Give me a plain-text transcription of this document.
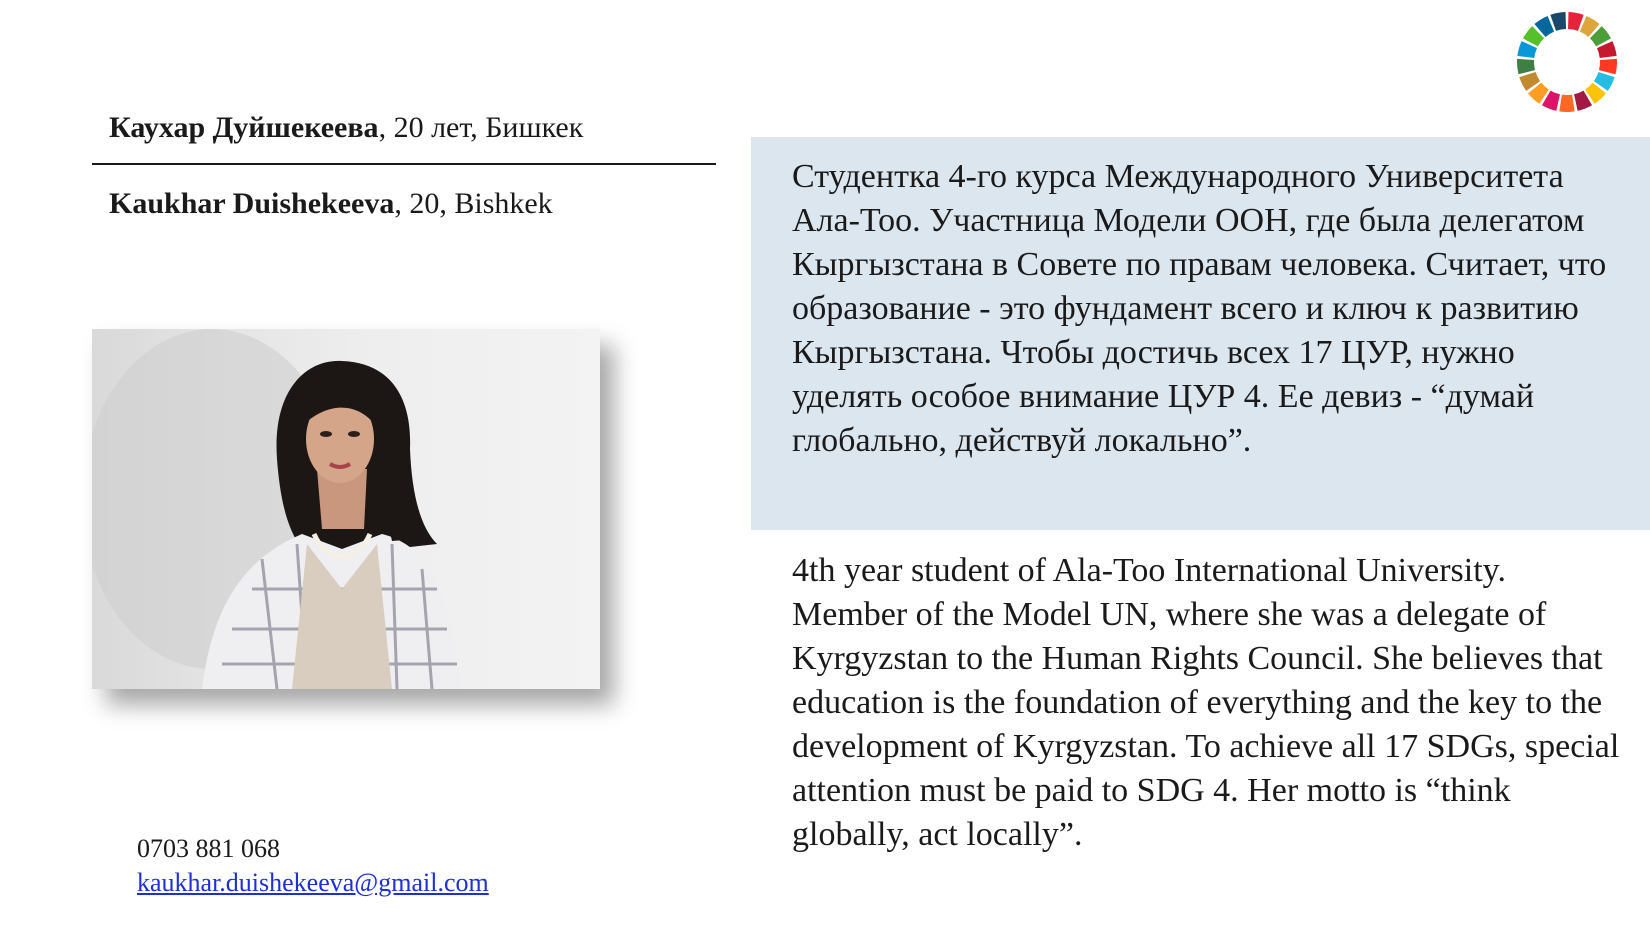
Каухар Дуйшекеева, 20 лет, Бишкек
Kaukhar Duishekeeva, 20, Bishkek
0703 881 068
kaukhar.duishekeeva@gmail.com
Студентка 4-го курса Международного Университета Ала-Тоо. Участница Модели ООН, где была делегатом Кыргызстана в Совете по правам человека. Считает, что образование - это фундамент всего и ключ к развитию Кыргызстана. Чтобы достичь всех 17 ЦУР, нужно уделять особое внимание ЦУР 4. Ее девиз - “думай глобально, действуй локально”.
4th year student of Ala-Too International University. Member of the Model UN, where she was a delegate of Kyrgyzstan to the Human Rights Council. She believes that education is the foundation of everything and the key to the development of Kyrgyzstan. To achieve all 17 SDGs, special attention must be paid to SDG 4. Her motto is “think globally, act locally”.
